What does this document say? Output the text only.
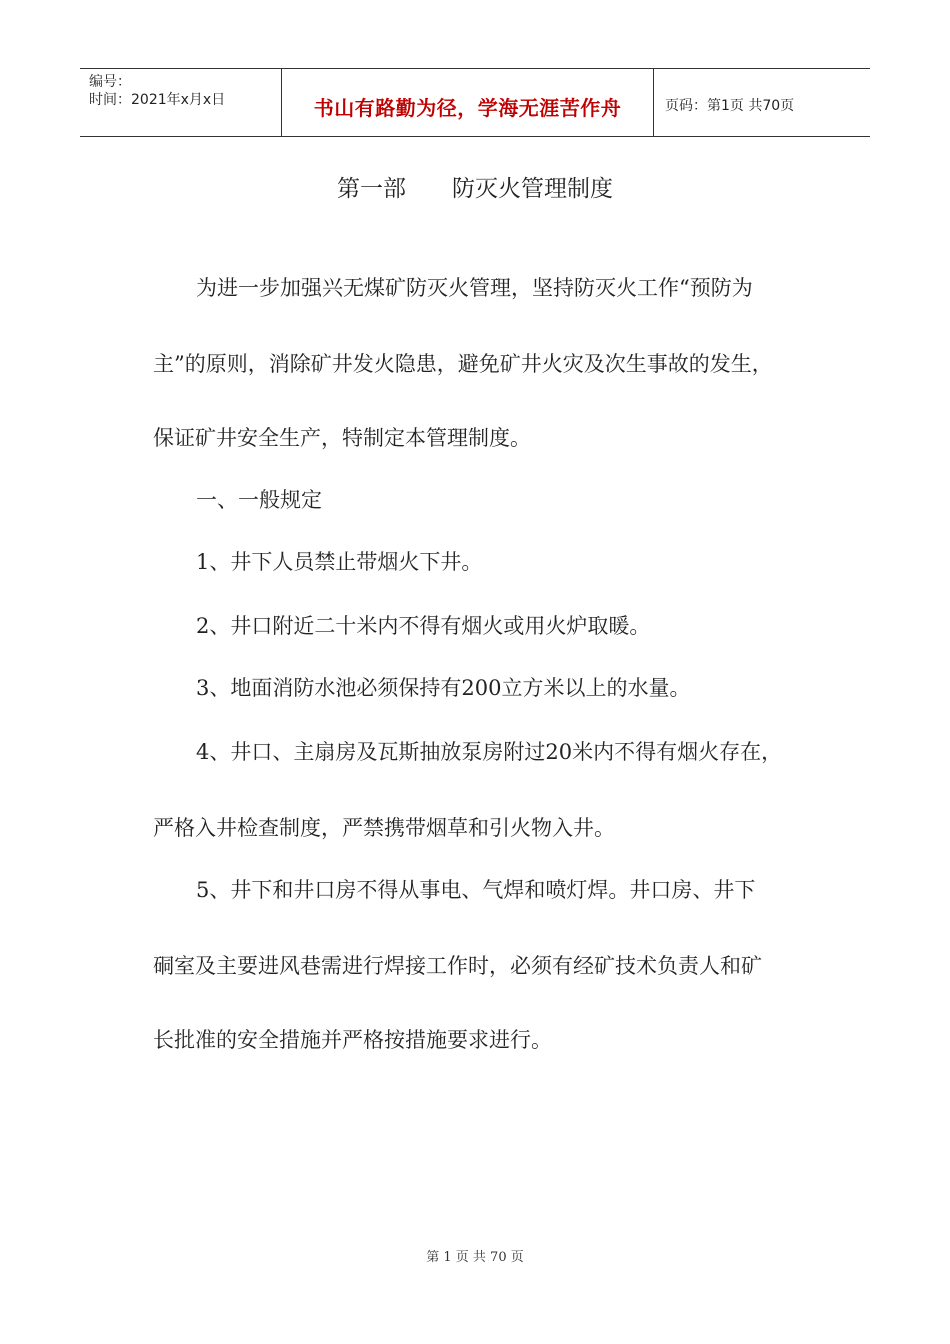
编号：
时间：2021年x月x日	书山有路勤为径，学海无涯苦作舟	页码：第1页 共70页
第一部 防灭火管理制度
为进一步加强兴无煤矿防灭火管理，坚持防灭火工作“预防为
主”的原则，消除矿井发火隐患，避免矿井火灾及次生事故的发生，
保证矿井安全生产，特制定本管理制度。
一、一般规定
1、井下人员禁止带烟火下井。
2、井口附近二十米内不得有烟火或用火炉取暖。
3、地面消防水池必须保持有200立方米以上的水量。
4、井口、主扇房及瓦斯抽放泵房附过20米内不得有烟火存在，
严格入井检查制度，严禁携带烟草和引火物入井。
5、井下和井口房不得从事电、气焊和喷灯焊。井口房、井下
硐室及主要进风巷需进行焊接工作时，必须有经矿技术负责人和矿
长批准的安全措施并严格按措施要求进行。
第 1 页 共 70 页
